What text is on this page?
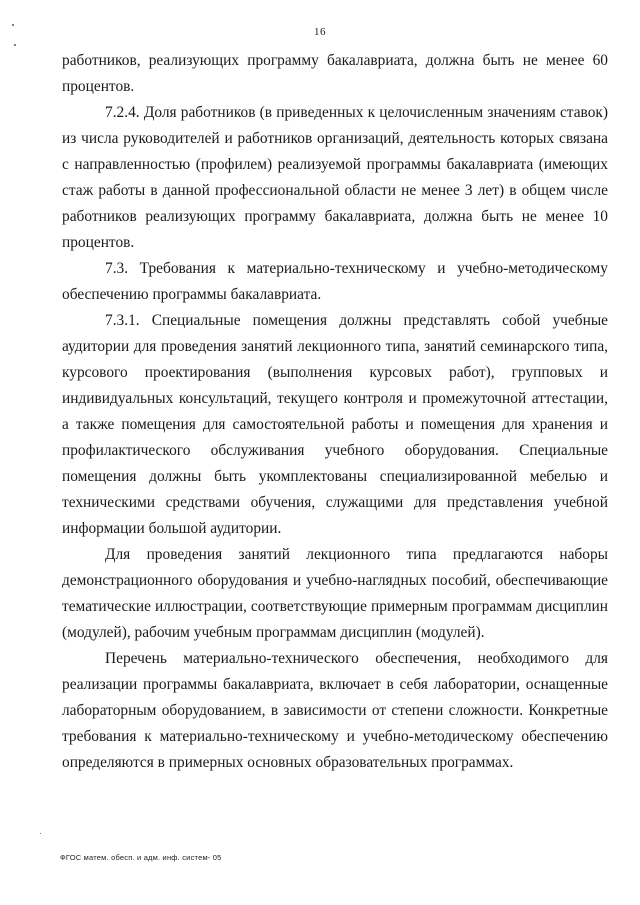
16

работников, реализующих программу бакалавриата, должна быть не менее 60 процентов.

7.2.4. Доля работников (в приведенных к целочисленным значениям ставок) из числа руководителей и работников организаций, деятельность которых связана с направленностью (профилем) реализуемой программы бакалавриата (имеющих стаж работы в данной профессиональной области не менее 3 лет) в общем числе работников реализующих программу бакалавриата, должна быть не менее 10 процентов.

7.3. Требования к материально-техническому и учебно-методическому обеспечению программы бакалавриата.

7.3.1. Специальные помещения должны представлять собой учебные аудитории для проведения занятий лекционного типа, занятий семинарского типа, курсового проектирования (выполнения курсовых работ), групповых и индивидуальных консультаций, текущего контроля и промежуточной аттестации, а также помещения для самостоятельной работы и помещения для хранения и профилактического обслуживания учебного оборудования. Специальные помещения должны быть укомплектованы специализированной мебелью и техническими средствами обучения, служащими для представления учебной информации большой аудитории.

Для проведения занятий лекционного типа предлагаются наборы демонстрационного оборудования и учебно-наглядных пособий, обеспечивающие тематические иллюстрации, соответствующие примерным программам дисциплин (модулей), рабочим учебным программам дисциплин (модулей).

Перечень материально-технического обеспечения, необходимого для реализации программы бакалавриата, включает в себя лаборатории, оснащенные лабораторным оборудованием, в зависимости от степени сложности. Конкретные требования к материально-техническому и учебно-методическому обеспечению определяются в примерных основных образовательных программах.

ФГОС матем. обесп. и адм. инф. систем- 05
